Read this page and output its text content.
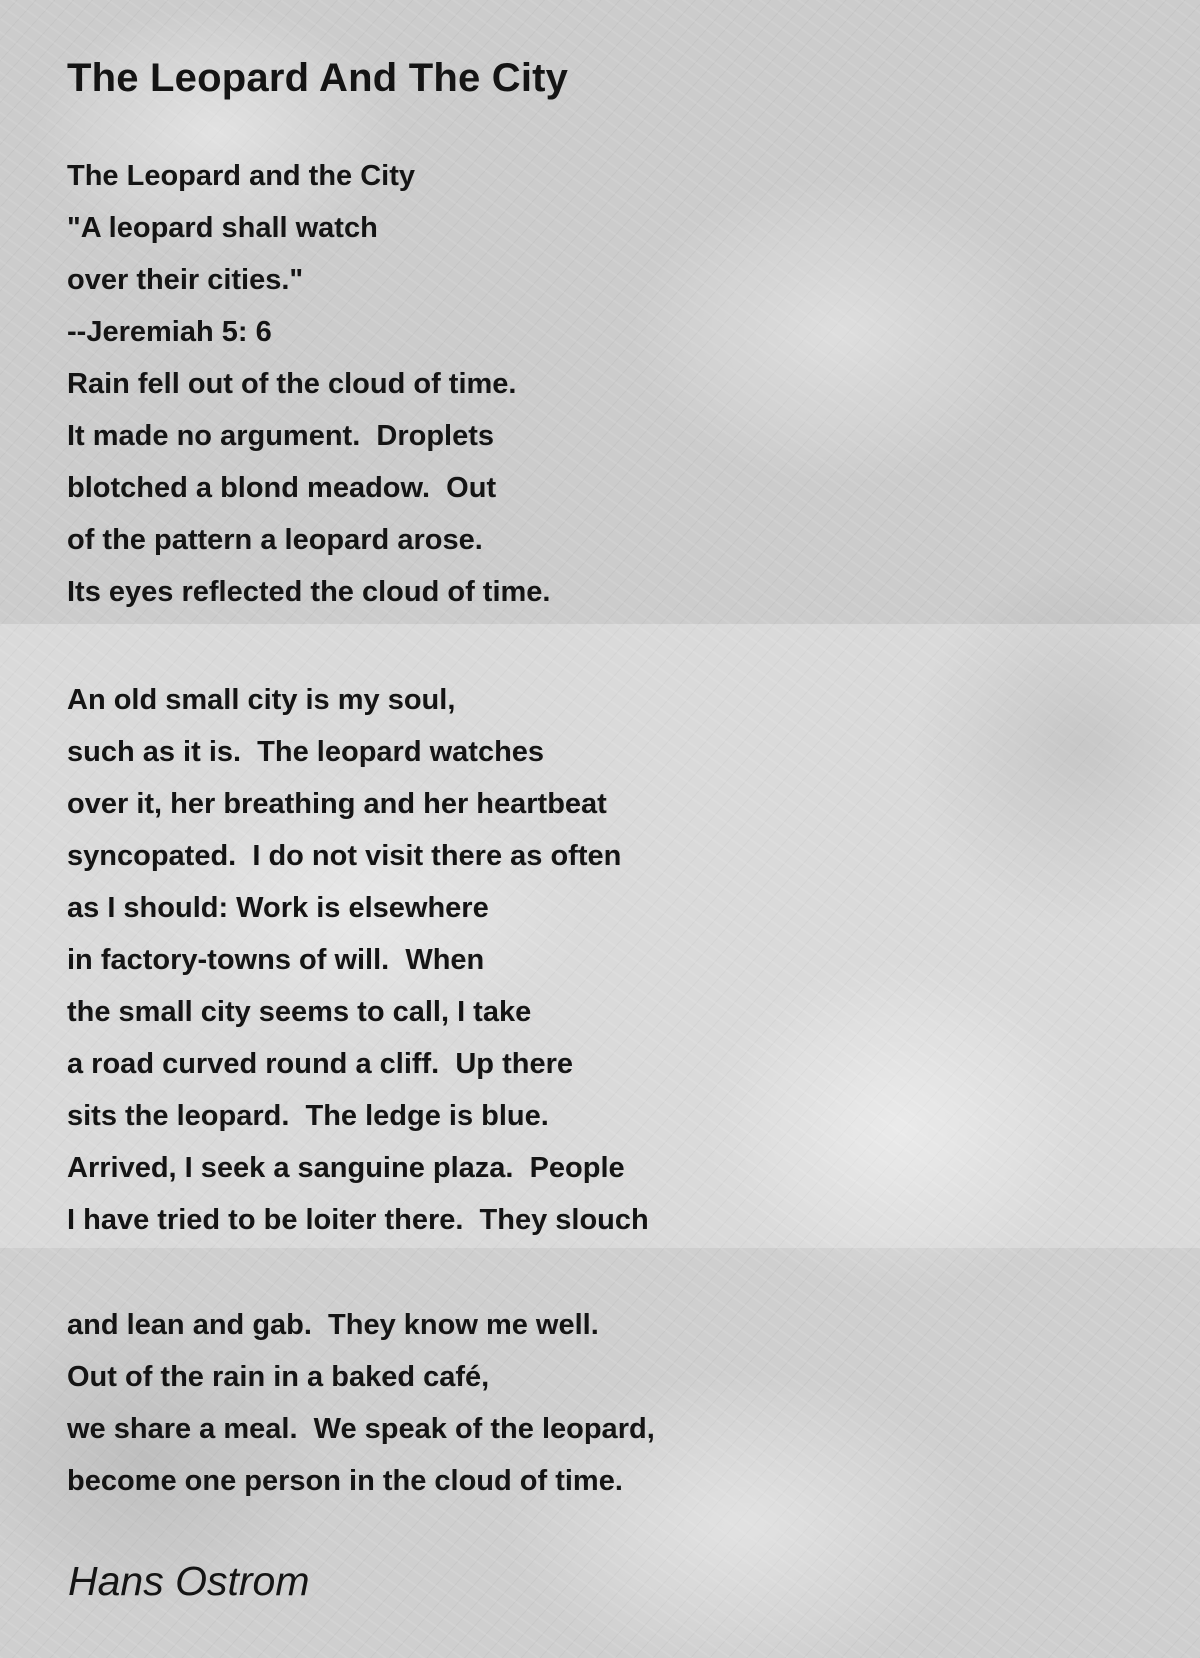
The Leopard And The City
The Leopard and the City
"A leopard shall watch
over their cities."
--Jeremiah 5: 6
Rain fell out of the cloud of time.
It made no argument.  Droplets
blotched a blond meadow.  Out
of the pattern a leopard arose.
Its eyes reflected the cloud of time.
An old small city is my soul,
such as it is.  The leopard watches
over it, her breathing and her heartbeat
syncopated.  I do not visit there as often
as I should: Work is elsewhere
in factory-towns of will.  When
the small city seems to call, I take
a road curved round a cliff.  Up there
sits the leopard.  The ledge is blue.
Arrived, I seek a sanguine plaza.  People
I have tried to be loiter there.  They slouch
and lean and gab.  They know me well.
Out of the rain in a baked café,
we share a meal.  We speak of the leopard,
become one person in the cloud of time.
Hans Ostrom
